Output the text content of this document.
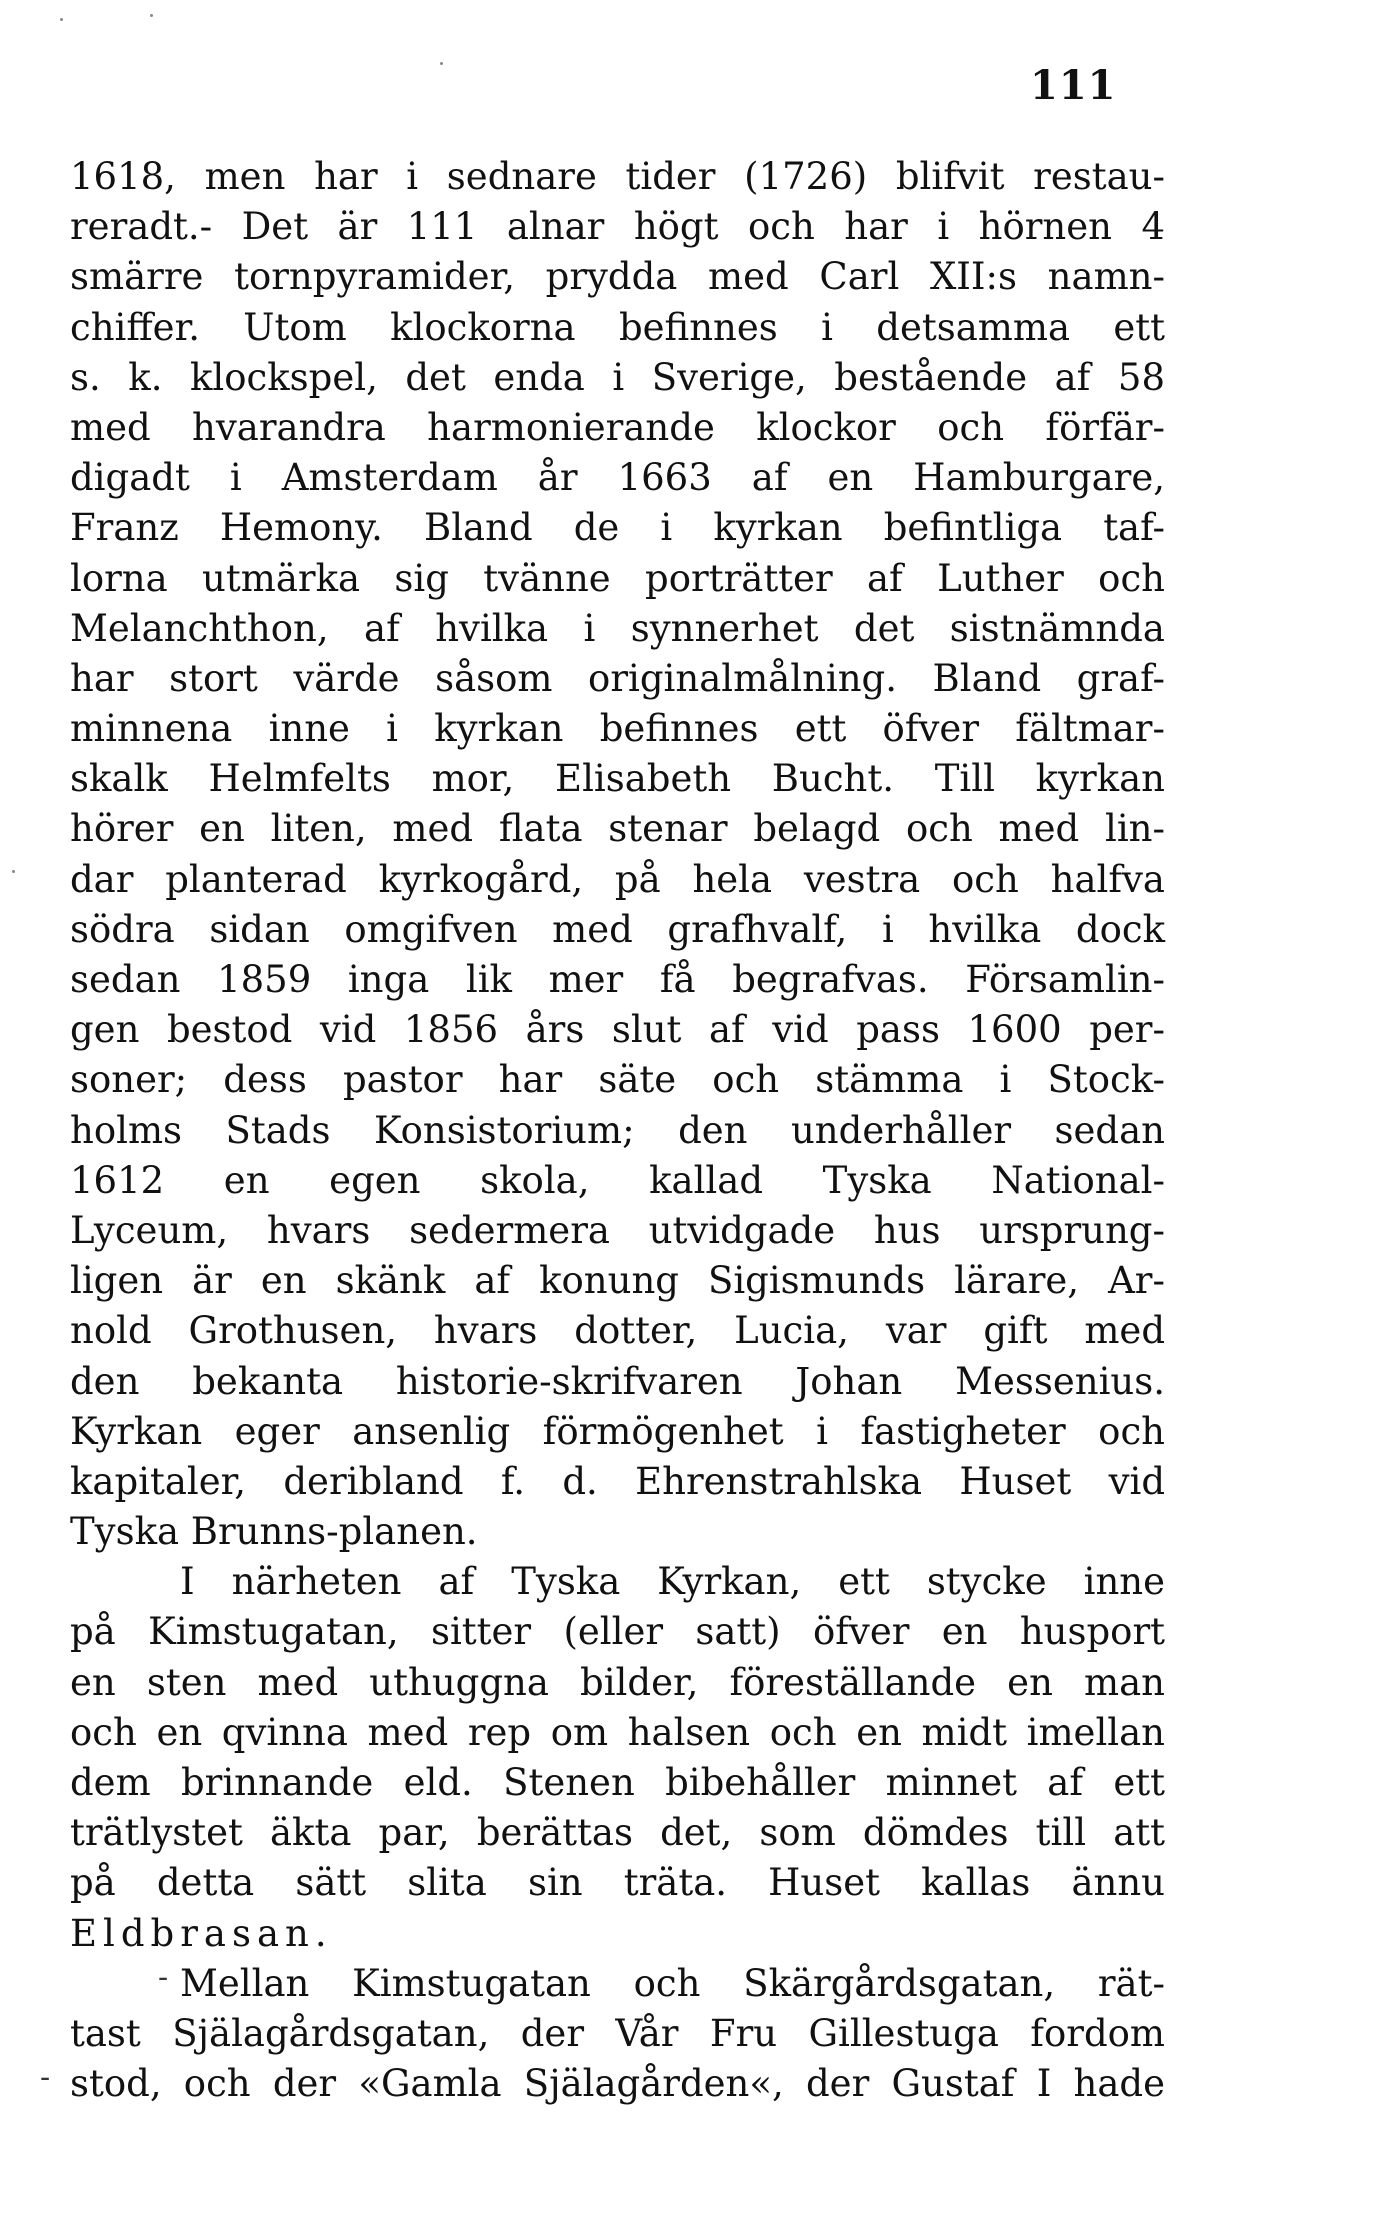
111
1618, men har i sednare tider (1726) blifvit restau-
reradt.- Det är 111 alnar högt och har i hörnen 4
smärre tornpyramider, prydda med Carl XII:s namn-
chiffer. Utom klockorna befinnes i detsamma ett
s. k. klockspel, det enda i Sverige, bestående af 58
med hvarandra harmonierande klockor och förfär-
digadt i Amsterdam år 1663 af en Hamburgare,
Franz Hemony. Bland de i kyrkan befintliga taf-
lorna utmärka sig tvänne porträtter af Luther och
Melanchthon, af hvilka i synnerhet det sistnämnda
har stort värde såsom originalmålning. Bland graf-
minnena inne i kyrkan befinnes ett öfver fältmar-
skalk Helmfelts mor, Elisabeth Bucht. Till kyrkan
hörer en liten, med flata stenar belagd och med lin-
dar planterad kyrkogård, på hela vestra och halfva
södra sidan omgifven med grafhvalf, i hvilka dock
sedan 1859 inga lik mer få begrafvas. Församlin-
gen bestod vid 1856 års slut af vid pass 1600 per-
soner; dess pastor har säte och stämma i Stock-
holms Stads Konsistorium; den underhåller sedan
1612 en egen skola, kallad Tyska National-
Lyceum, hvars sedermera utvidgade hus ursprung-
ligen är en skänk af konung Sigismunds lärare, Ar-
nold Grothusen, hvars dotter, Lucia, var gift med
den bekanta historie-skrifvaren Johan Messenius.
Kyrkan eger ansenlig förmögenhet i fastigheter och
kapitaler, deribland f. d. Ehrenstrahlska Huset vid
Tyska Brunns-planen.
I närheten af Tyska Kyrkan, ett stycke inne
på Kimstugatan, sitter (eller satt) öfver en husport
en sten med uthuggna bilder, föreställande en man
och en qvinna med rep om halsen och en midt imellan
dem brinnande eld. Stenen bibehåller minnet af ett
trätlystet äkta par, berättas det, som dömdes till att
på detta sätt slita sin träta. Huset kallas ännu
Eldbrasan.
Mellan Kimstugatan och Skärgårdsgatan, rät-
tast Själagårdsgatan, der Vår Fru Gillestuga fordom
stod, och der «Gamla Själagården«, der Gustaf I hade
-
-
